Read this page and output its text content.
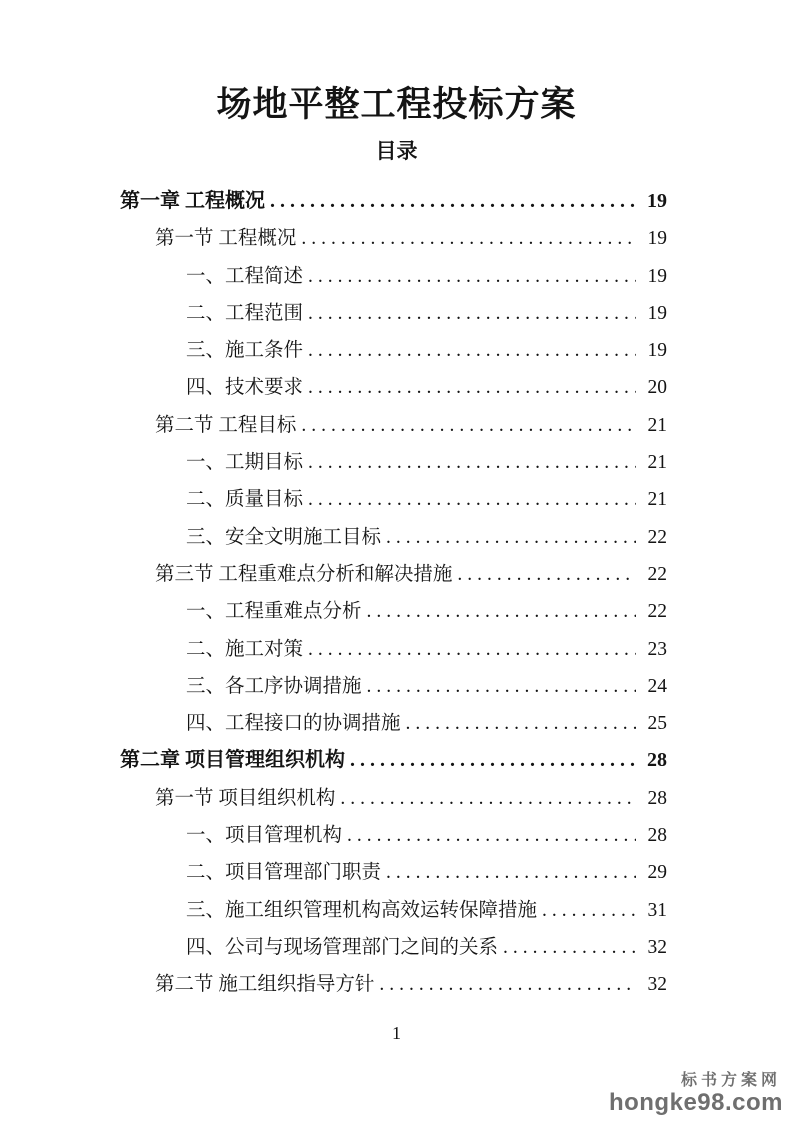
场地平整工程投标方案
目录
第一章 工程概况 .....	19
第一节 工程概况 .....	19
一、工程简述 .....	19
二、工程范围 .....	19
三、施工条件 .....	19
四、技术要求 .....	20
第二节 工程目标 .....	21
一、工期目标 .....	21
二、质量目标 .....	21
三、安全文明施工目标 .....	22
第三节 工程重难点分析和解决措施 .....	22
一、工程重难点分析 .....	22
二、施工对策 .....	23
三、各工序协调措施 .....	24
四、工程接口的协调措施 .....	25
第二章 项目管理组织机构 .....	28
第一节 项目组织机构 .....	28
一、项目管理机构 .....	28
二、项目管理部门职责 .....	29
三、施工组织管理机构高效运转保障措施 .....	31
四、公司与现场管理部门之间的关系 .....	32
第二节 施工组织指导方针 .....	32
1
标书方案网
hongke98.com
